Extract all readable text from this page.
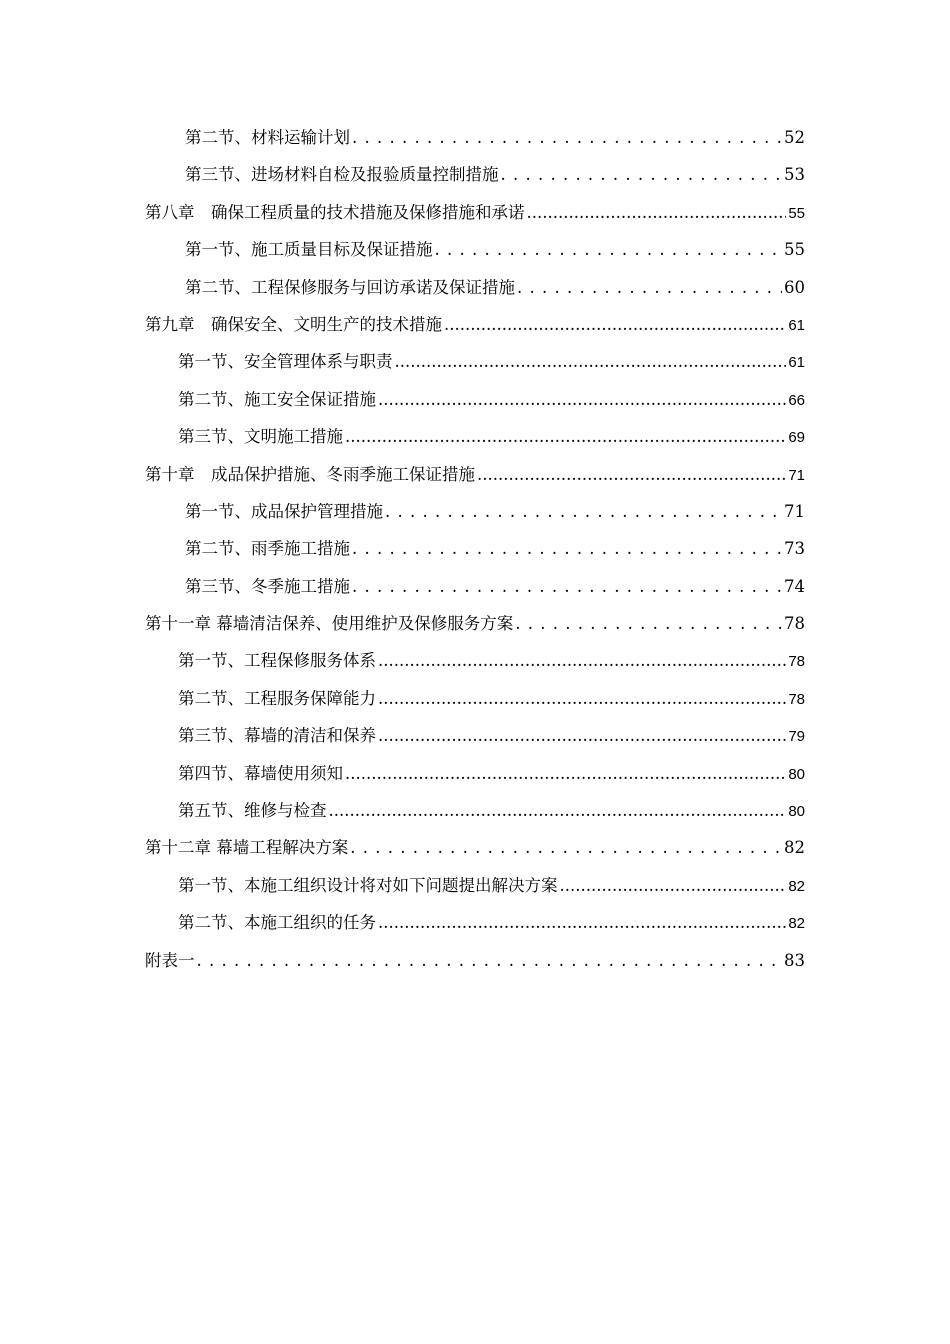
第二节、材料运输计划 . . .	52
第三节、进场材料自检及报验质量控制措施 . . .	53
第八章　确保工程质量的技术措施及保修措施和承诺 .....	55
第一节、施工质量目标及保证措施 . . .	55
第二节、工程保修服务与回访承诺及保证措施 . . .	60
第九章　确保安全、文明生产的技术措施 .....	61
第一节、安全管理体系与职责 .....	61
第二节、施工安全保证措施 .....	66
第三节、文明施工措施 .....	69
第十章　成品保护措施、冬雨季施工保证措施 .....	71
第一节、成品保护管理措施 . . .	71
第二节、雨季施工措施 . . .	73
第三节、冬季施工措施 . . .	74
第十一章 幕墙清洁保养、使用维护及保修服务方案 . . .	78
第一节、工程保修服务体系 .....	78
第二节、工程服务保障能力 .....	78
第三节、幕墙的清洁和保养 .....	79
第四节、幕墙使用须知 .....	80
第五节、维修与检查 .....	80
第十二章 幕墙工程解决方案 . . .	82
第一节、本施工组织设计将对如下问题提出解决方案 .....	82
第二节、本施工组织的任务 .....	82
附表一 . . .	83
